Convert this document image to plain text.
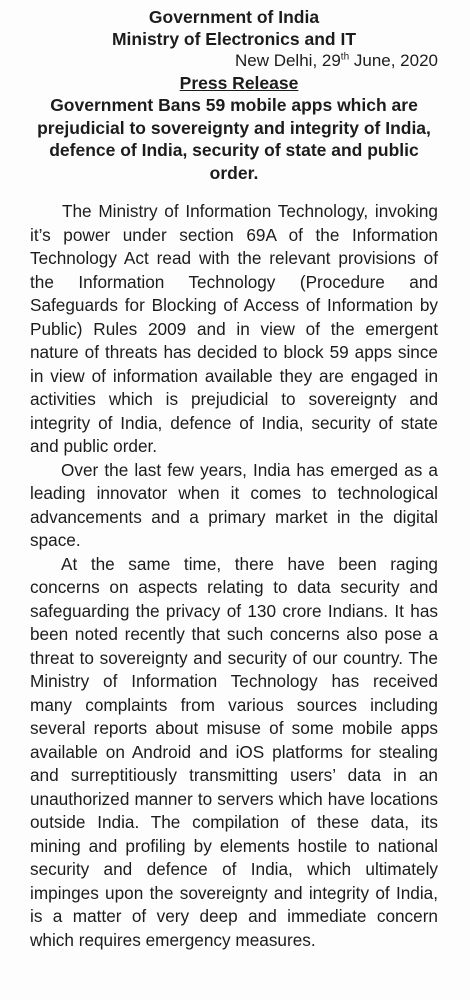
Government of India

Ministry of Electronics and IT

New Delhi, 29th June, 2020

Press Release

Government Bans 59 mobile apps which are prejudicial to sovereignty and integrity of India, defence of India, security of state and public order.

The Ministry of Information Technology, invoking it’s power under section 69A of the Information Technology Act read with the relevant provisions of the Information Technology (Procedure and Safeguards for Blocking of Access of Information by Public) Rules 2009 and in view of the emergent nature of threats has decided to block 59 apps since in view of information available they are engaged in activities which is prejudicial to sovereignty and integrity of India, defence of India, security of state and public order.

Over the last few years, India has emerged as a leading innovator when it comes to technological advancements and a primary market in the digital space.

At the same time, there have been raging concerns on aspects relating to data security and safeguarding the privacy of 130 crore Indians. It has been noted recently that such concerns also pose a threat to sovereignty and security of our country. The Ministry of Information Technology has received many complaints from various sources including several reports about misuse of some mobile apps available on Android and iOS platforms for stealing and surreptitiously transmitting users’ data in an unauthorized manner to servers which have locations outside India. The compilation of these data, its mining and profiling by elements hostile to national security and defence of India, which ultimately impinges upon the sovereignty and integrity of India, is a matter of very deep and immediate concern which requires emergency measures.
